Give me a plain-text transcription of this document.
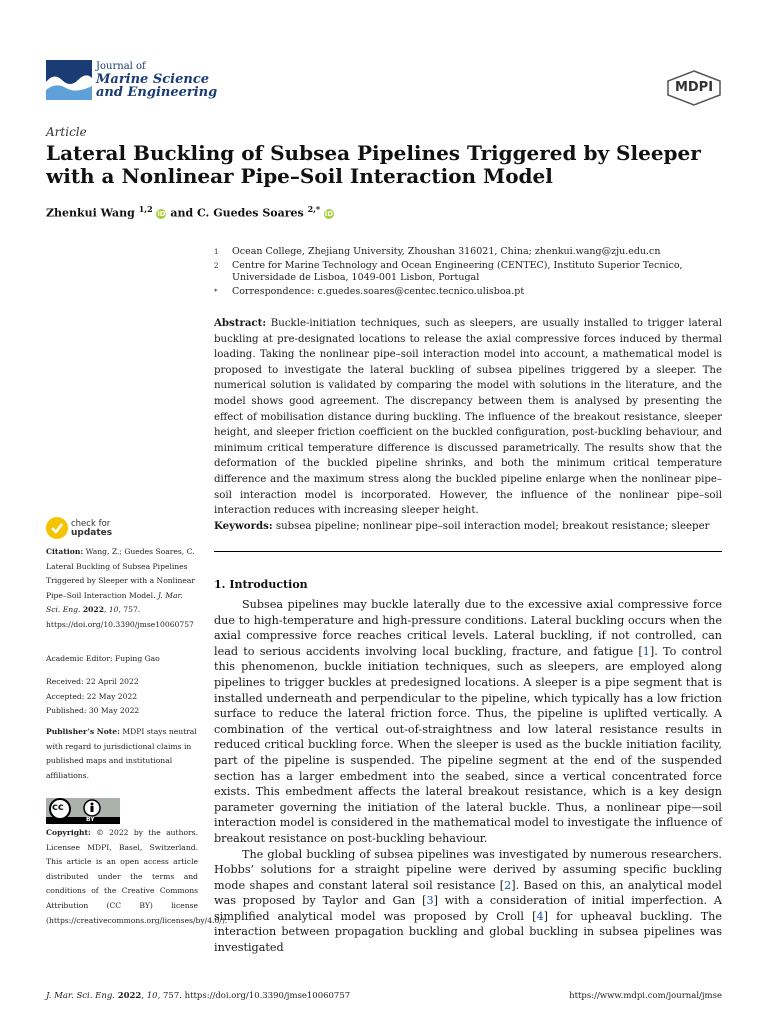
Journal of
Marine Science
and Engineering	MDPI
Article
Lateral Buckling of Subsea Pipelines Triggered by Sleeper with a Nonlinear Pipe–Soil Interaction Model
Zhenkui Wang $^{1,2}$ iD and C. Guedes Soares $^{2,*}$ iD
1	Ocean College, Zhejiang University, Zhoushan 316021, China; zhenkui.wang@zju.edu.cn
2	Centre for Marine Technology and Ocean Engineering (CENTEC), Instituto Superior Tecnico, Universidade de Lisboa, 1049-001 Lisbon, Portugal
*	Correspondence: c.guedes.soares@centec.tecnico.ulisboa.pt
Abstract: Buckle-initiation techniques, such as sleepers, are usually installed to trigger lateral buckling at pre-designated locations to release the axial compressive forces induced by thermal loading. Taking the nonlinear pipe–soil interaction model into account, a mathematical model is proposed to investigate the lateral buckling of subsea pipelines triggered by a sleeper. The numerical solution is validated by comparing the model with solutions in the literature, and the model shows good agreement. The discrepancy between them is analysed by presenting the effect of mobilisation distance during buckling. The influence of the breakout resistance, sleeper height, and sleeper friction coefficient on the buckled configuration, post-buckling behaviour, and minimum critical temperature difference is discussed parametrically. The results show that the deformation of the buckled pipeline shrinks, and both the minimum critical temperature difference and the maximum stress along the buckled pipeline enlarge when the nonlinear pipe–soil interaction model is incorporated. However, the influence of the nonlinear pipe–soil interaction reduces with increasing sleeper height.
Keywords: subsea pipeline; nonlinear pipe–soil interaction model; breakout resistance; sleeper
check for
updates
Citation: Wang, Z.; Guedes Soares, C. Lateral Buckling of Subsea Pipelines Triggered by Sleeper with a Nonlinear Pipe–Soil Interaction Model. J. Mar. Sci. Eng. 2022, 10, 757. https://doi.org/10.3390/jmse10060757
Academic Editor: Fuping Gao
Received: 22 April 2022
Accepted: 22 May 2022
Published: 30 May 2022
Publisher’s Note: MDPI stays neutral with regard to jurisdictional claims in published maps and institutional affiliations.
cc
BY
Copyright: © 2022 by the authors. Licensee MDPI, Basel, Switzerland. This article is an open access article distributed under the terms and conditions of the Creative Commons Attribution (CC BY) license (https://creativecommons.org/licenses/by/4.0/).
1. Introduction

Subsea pipelines may buckle laterally due to the excessive axial compressive force due to high-temperature and high-pressure conditions. Lateral buckling occurs when the axial compressive force reaches critical levels. Lateral buckling, if not controlled, can lead to serious accidents involving local buckling, fracture, and fatigue [1]. To control this phenomenon, buckle initiation techniques, such as sleepers, are employed along pipelines to trigger buckles at predesigned locations. A sleeper is a pipe segment that is installed underneath and perpendicular to the pipeline, which typically has a low friction surface to reduce the lateral friction force. Thus, the pipeline is uplifted vertically. A combination of the vertical out-of-straightness and low lateral resistance results in reduced critical buckling force. When the sleeper is used as the buckle initiation facility, part of the pipeline is suspended. The pipeline segment at the end of the suspended section has a larger embedment into the seabed, since a vertical concentrated force exists. This embedment affects the lateral breakout resistance, which is a key design parameter governing the initiation of the lateral buckle. Thus, a nonlinear pipe—soil interaction model is considered in the mathematical model to investigate the influence of breakout resistance on post-buckling behaviour.

The global buckling of subsea pipelines was investigated by numerous researchers. Hobbs’ solutions for a straight pipeline were derived by assuming specific buckling mode shapes and constant lateral soil resistance [2]. Based on this, an analytical model was proposed by Taylor and Gan [3] with a consideration of initial imperfection. A simplified analytical model was proposed by Croll [4] for upheaval buckling. The interaction between propagation buckling and global buckling in subsea pipelines was investigated

J. Mar. Sci. Eng. 2022, 10, 757. https://doi.org/10.3390/jmse10060757	https://www.mdpi.com/journal/jmse
